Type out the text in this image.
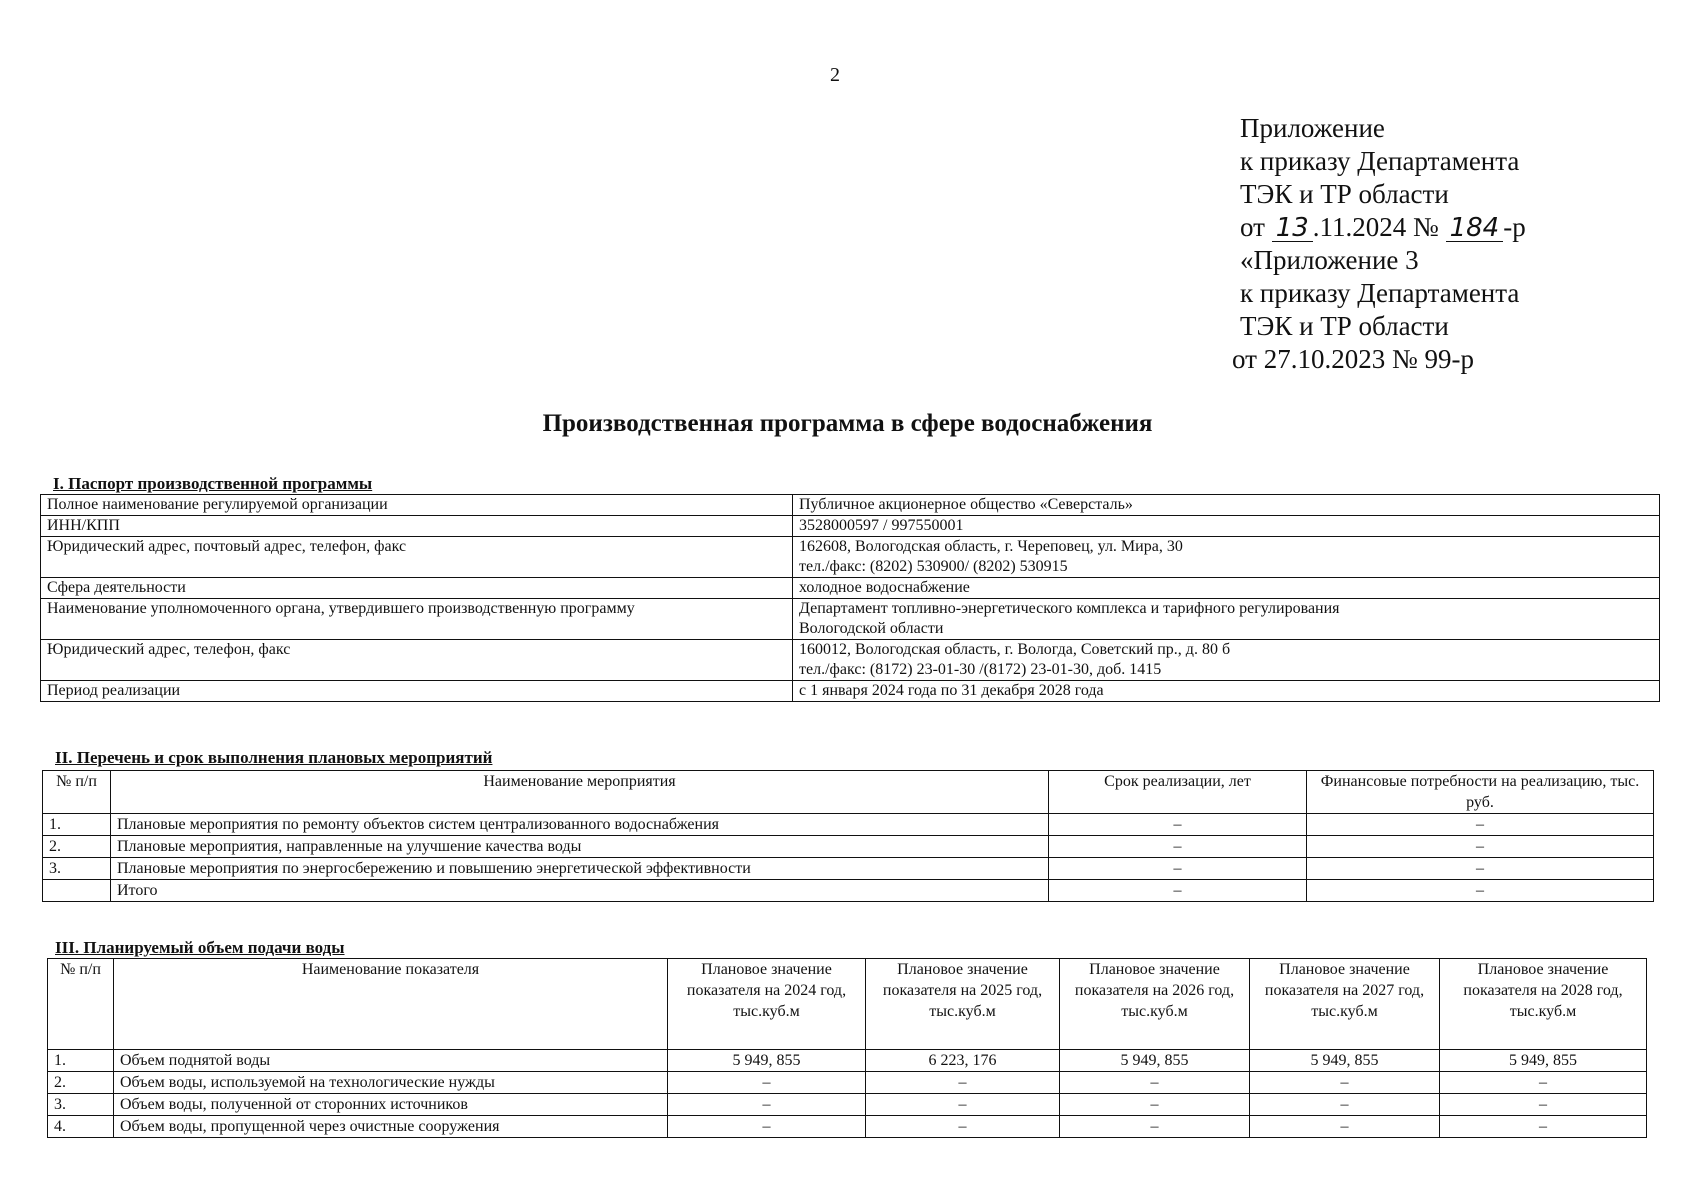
2
Приложение
к приказу Департамента
ТЭК и ТР области
от 13 .11.2024 № 184 -р
«Приложение 3
к приказу Департамента
ТЭК и ТР области
от 27.10.2023 № 99-р
Производственная программа в сфере водоснабжения
I. Паспорт производственной программы
Полное наименование регулируемой организации	Публичное акционерное общество «Северсталь»

ИНН/КПП	3528000597 / 997550001

Юридический адрес, почтовый адрес, телефон, факс	162608, Вологодская область, г. Череповец, ул. Мира, 30
тел./факс: (8202) 530900/ (8202) 530915

Сфера деятельности	холодное водоснабжение

Наименование уполномоченного органа, утвердившего производственную программу	Департамент топливно-энергетического комплекса и тарифного регулирования
Вологодской области

Юридический адрес, телефон, факс	160012, Вологодская область, г. Вологда, Советский пр., д. 80 б
тел./факс: (8172) 23-01-30 /(8172) 23-01-30, доб. 1415

Период реализации	с 1 января 2024 года по 31 декабря 2028 года
II. Перечень и срок выполнения плановых мероприятий
№ п/п	Наименование мероприятия	Срок реализации, лет	Финансовые потребности на реализацию, тыс. руб.
1.	Плановые мероприятия по ремонту объектов систем централизованного водоснабжения	–	–
2.	Плановые мероприятия, направленные на улучшение качества воды	–	–
3.	Плановые мероприятия по энергосбережению и повышению энергетической эффективности	–	–
	Итого	–	–
III. Планируемый объем подачи воды
№ п/п	Наименование показателя	Плановое значение показателя на 2024 год, тыс.куб.м	Плановое значение показателя на 2025 год, тыс.куб.м	Плановое значение показателя на 2026 год, тыс.куб.м	Плановое значение показателя на 2027 год, тыс.куб.м	Плановое значение показателя на 2028 год, тыс.куб.м
1.	Объем поднятой воды	5 949, 855	6 223, 176	5 949, 855	5 949, 855	5 949, 855
2.	Объем воды, используемой на технологические нужды	–	–	–	–	–
3.	Объем воды, полученной от сторонних источников	–	–	–	–	–
4.	Объем воды, пропущенной через очистные сооружения	–	–	–	–	–
